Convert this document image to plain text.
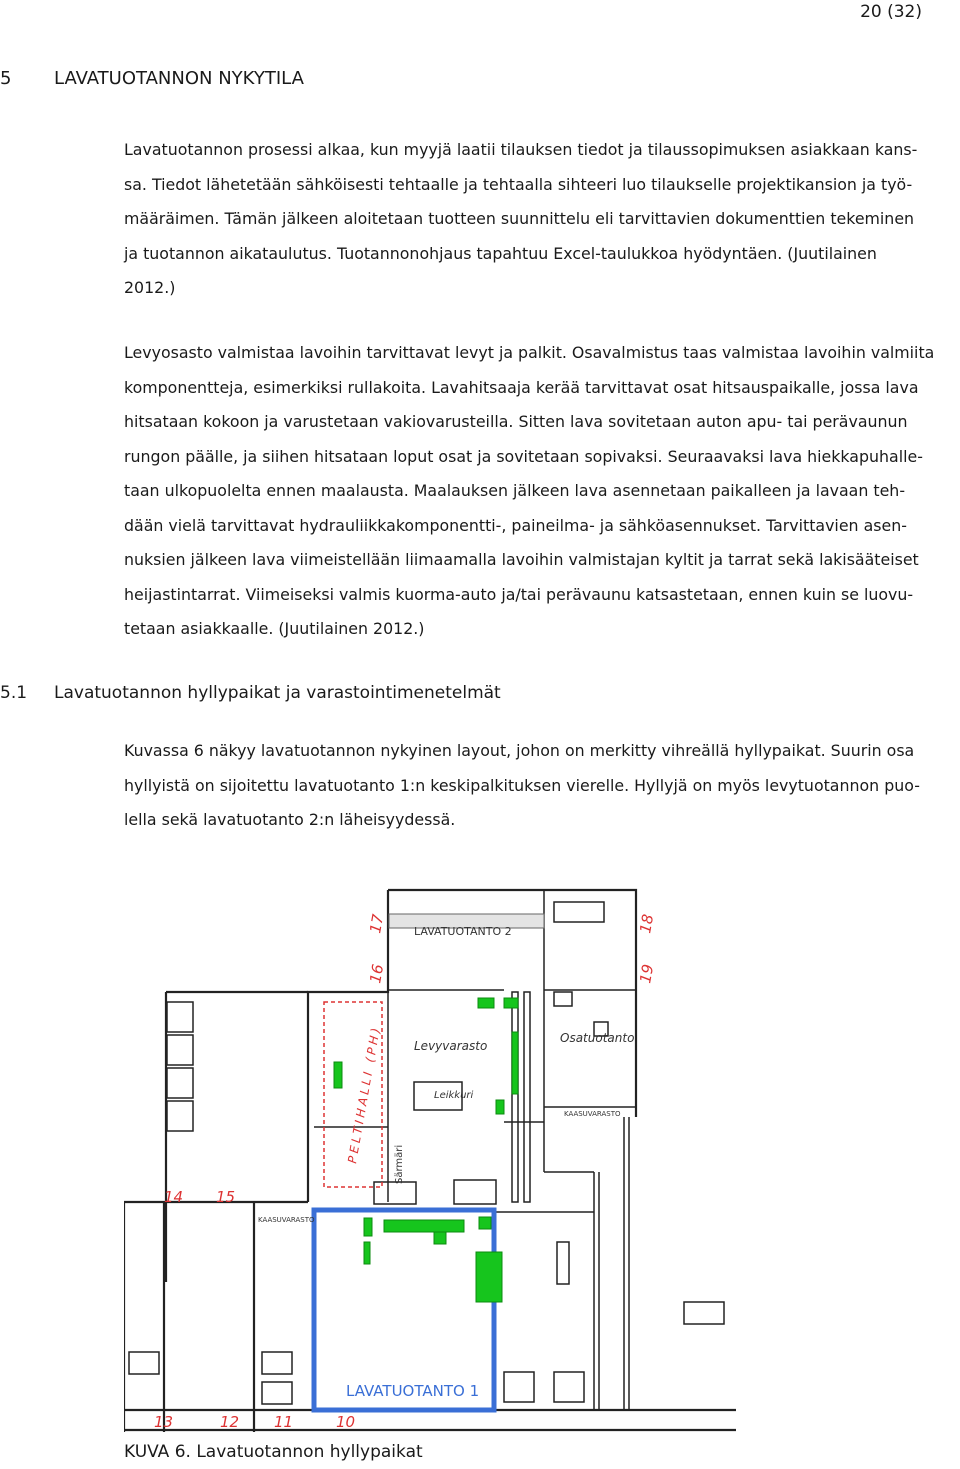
20 (32)
5 LAVATUOTANNON NYKYTILA
Lavatuotannon prosessi alkaa, kun myyjä laatii tilauksen tiedot ja tilaussopimuksen asiakkaan kans-
sa. Tiedot lähetetään sähköisesti tehtaalle ja tehtaalla sihteeri luo tilaukselle projektikansion ja työ-
määräimen. Tämän jälkeen aloitetaan tuotteen suunnittelu eli tarvittavien dokumenttien tekeminen
ja tuotannon aikataulutus. Tuotannonohjaus tapahtuu Excel-taulukkoa hyödyntäen. (Juutilainen
2012.)
Levyosasto valmistaa lavoihin tarvittavat levyt ja palkit. Osavalmistus taas valmistaa lavoihin valmiita
komponentteja, esimerkiksi rullakoita. Lavahitsaaja kerää tarvittavat osat hitsauspaikalle, jossa lava
hitsataan kokoon ja varustetaan vakiovarusteilla. Sitten lava sovitetaan auton apu- tai perävaunun
rungon päälle, ja siihen hitsataan loput osat ja sovitetaan sopivaksi. Seuraavaksi lava hiekkapuhalle-
taan ulkopuolelta ennen maalausta. Maalauksen jälkeen lava asennetaan paikalleen ja lavaan teh-
dään vielä tarvittavat hydrauliikkakomponentti-, paineilma- ja sähköasennukset. Tarvittavien asen-
nuksien jälkeen lava viimeistellään liimaamalla lavoihin valmistajan kyltit ja tarrat sekä lakisääteiset
heijastintarrat. Viimeiseksi valmis kuorma-auto ja/tai perävaunu katsastetaan, ennen kuin se luovu-
tetaan asiakkaalle. (Juutilainen 2012.)
5.1 Lavatuotannon hyllypaikat ja varastointimenetelmät
Kuvassa 6 näkyy lavatuotannon nykyinen layout, johon on merkitty vihreällä hyllypaikat. Suurin osa
hyllyistä on sijoitettu lavatuotanto 1:n keskipalkituksen vierelle. Hyllyjä on myös levytuotannon puo-
lella sekä lavatuotanto 2:n läheisyydessä.
LAVATUOTANTO 2
Levyvarasto
Osatuotanto
Leikkuri
Särmäri
PELTIHALLI (PH)	KAASUVARASTO
KAASUVARASTO
LAVATUOTANTO 1
17	18
16	19
14 15
13	12 11	10
KUVA 6. Lavatuotannon hyllypaikat
